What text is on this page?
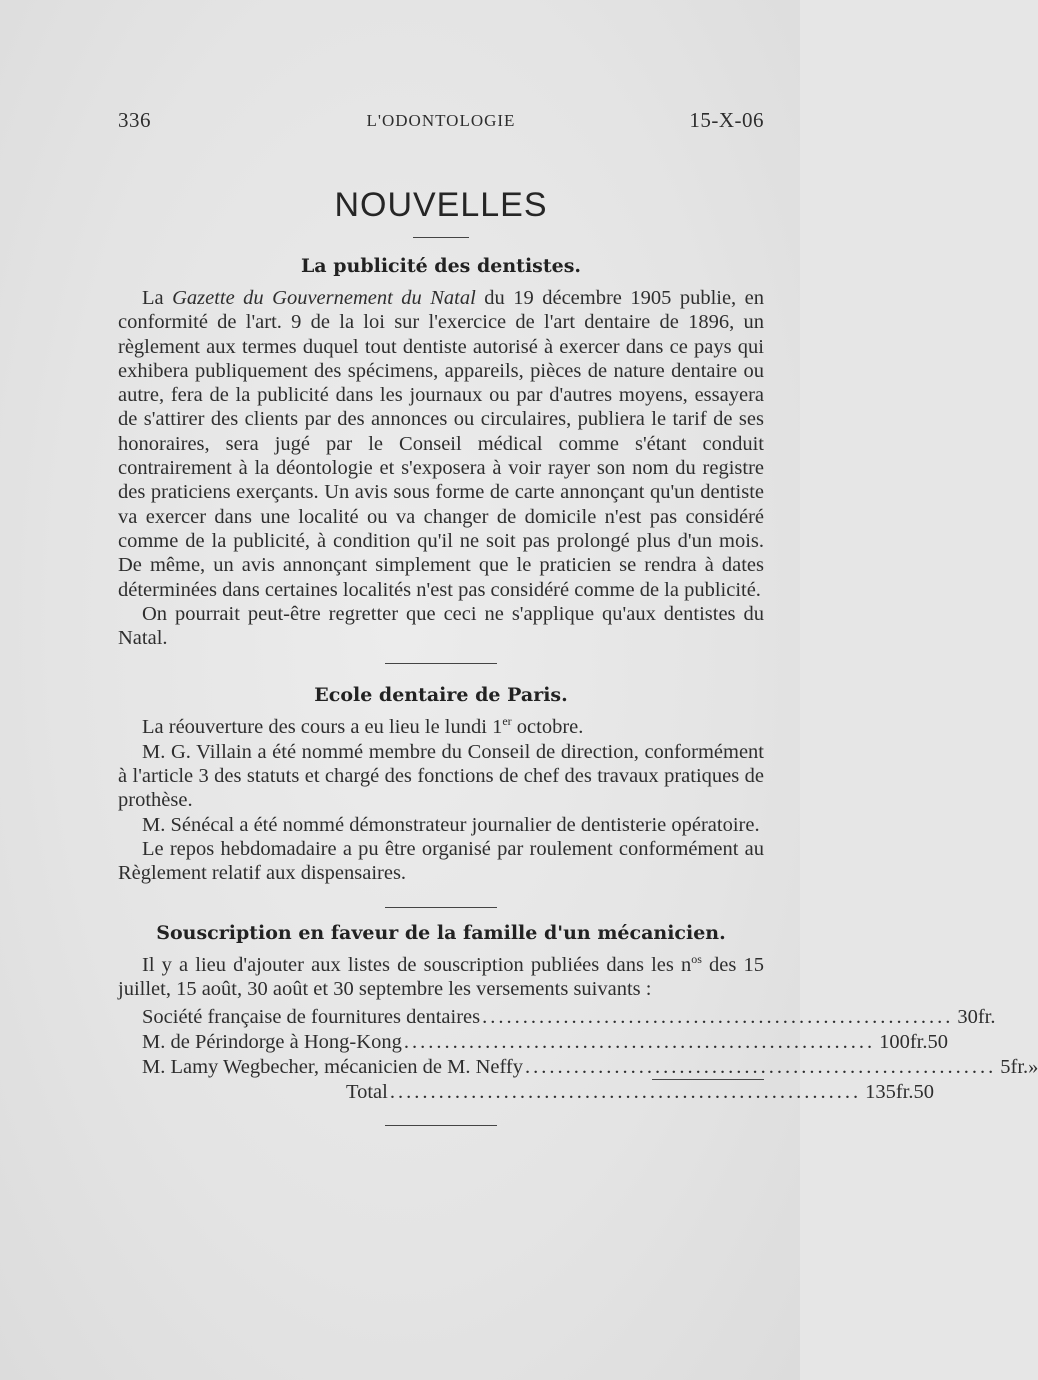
336	L'ODONTOLOGIE	15-X-06
NOUVELLES
La publicité des dentistes.

La Gazette du Gouvernement du Natal du 19 décembre 1905 publie, en conformité de l'art. 9 de la loi sur l'exercice de l'art dentaire de 1896, un règlement aux termes duquel tout dentiste autorisé à exercer dans ce pays qui exhibera publiquement des spécimens, appareils, pièces de nature dentaire ou autre, fera de la publicité dans les journaux ou par d'autres moyens, essayera de s'attirer des clients par des annonces ou circulaires, publiera le tarif de ses honoraires, sera jugé par le Conseil médical comme s'étant conduit contrairement à la déontologie et s'exposera à voir rayer son nom du registre des praticiens exerçants. Un avis sous forme de carte annonçant qu'un dentiste va exercer dans une localité ou va changer de domicile n'est pas considéré comme de la publicité, à condition qu'il ne soit pas prolongé plus d'un mois. De même, un avis annonçant simplement que le praticien se rendra à dates déterminées dans certaines localités n'est pas considéré comme de la publicité.

On pourrait peut-être regretter que ceci ne s'applique qu'aux dentistes du Natal.

Ecole dentaire de Paris.

La réouverture des cours a eu lieu le lundi 1er octobre.

M. G. Villain a été nommé membre du Conseil de direction, conformément à l'article 3 des statuts et chargé des fonctions de chef des travaux pratiques de prothèse.

M. Sénécal a été nommé démonstrateur journalier de dentisterie opératoire.

Le repos hebdomadaire a pu être organisé par roulement conformément au Règlement relatif aux dispensaires.

Souscription en faveur de la famille d'un mécanicien.

Il y a lieu d'ajouter aux listes de souscription publiées dans les $n^{os}$ des 15 juillet, 15 août, 30 août et 30 septembre les versements suivants :

Société française de fournitures dentaires .......................................................... 30 fr.
M. de Périndorge à Hong-Kong .......................................................... 100 fr. 50
M. Lamy Wegbecher, mécanicien de M. Neffy .......................................................... 5 fr. »
Total .......................................................... 135 fr. 50
